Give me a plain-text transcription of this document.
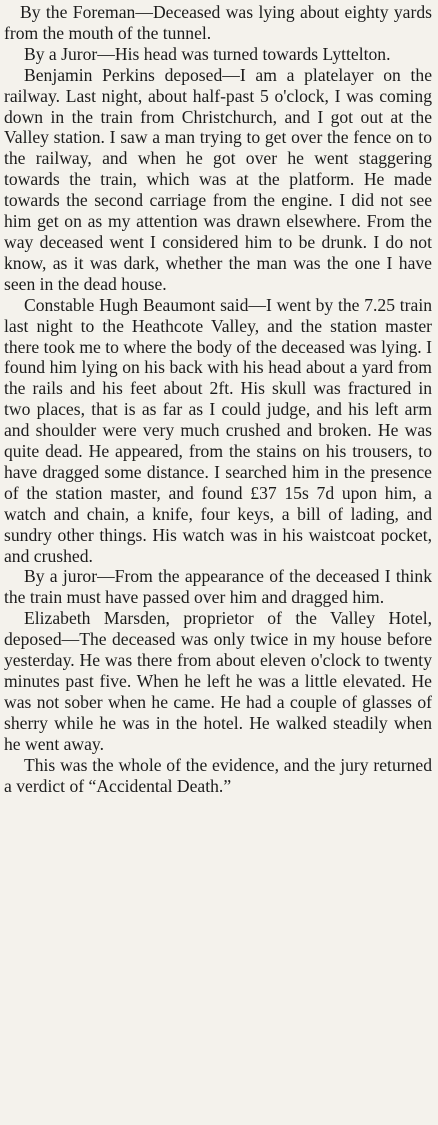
By the Foreman—Deceased was lying about eighty yards from the mouth of the tunnel.

By a Juror—His head was turned towards Lyttelton.

Benjamin Perkins deposed—I am a platelayer on the railway. Last night, about half-past 5 o'clock, I was coming down in the train from Christchurch, and I got out at the Valley station. I saw a man trying to get over the fence on to the railway, and when he got over he went staggering towards the train, which was at the platform. He made towards the second carriage from the engine. I did not see him get on as my attention was drawn elsewhere. From the way deceased went I considered him to be drunk. I do not know, as it was dark, whether the man was the one I have seen in the dead house.

Constable Hugh Beaumont said—I went by the 7.25 train last night to the Heathcote Valley, and the station master there took me to where the body of the deceased was lying. I found him lying on his back with his head about a yard from the rails and his feet about 2ft. His skull was fractured in two places, that is as far as I could judge, and his left arm and shoulder were very much crushed and broken. He was quite dead. He appeared, from the stains on his trousers, to have dragged some distance. I searched him in the presence of the station master, and found £37 15s 7d upon him, a watch and chain, a knife, four keys, a bill of lading, and sundry other things. His watch was in his waistcoat pocket, and crushed.

By a juror—From the appearance of the deceased I think the train must have passed over him and dragged him.

Elizabeth Marsden, proprietor of the Valley Hotel, deposed—The deceased was only twice in my house before yesterday. He was there from about eleven o'clock to twenty minutes past five. When he left he was a little elevated. He was not sober when he came. He had a couple of glasses of sherry while he was in the hotel. He walked steadily when he went away.

This was the whole of the evidence, and the jury returned a verdict of “Accidental Death.”
